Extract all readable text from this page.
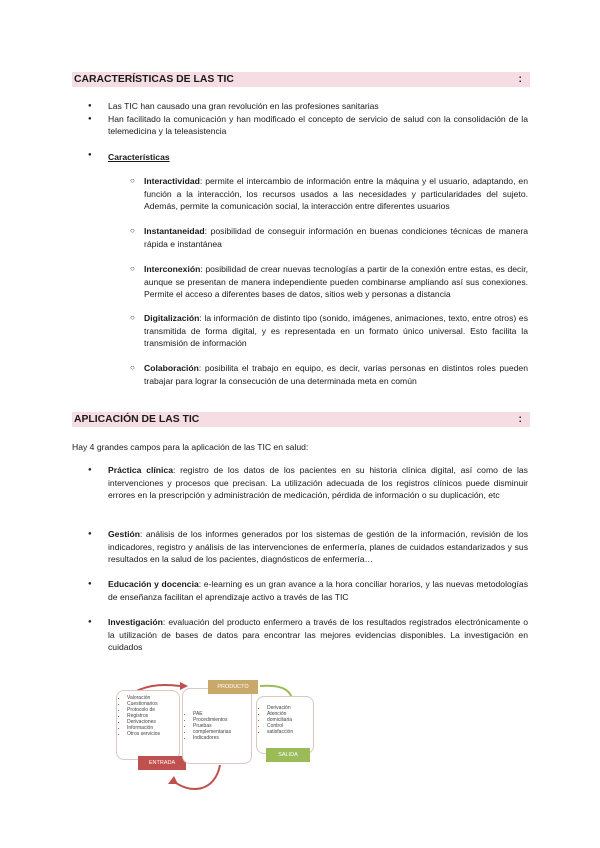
CARACTERÍSTICAS DE LAS TIC	:
● Las TIC han causado una gran revolución en las profesiones sanitarias
● Han facilitado la comunicación y han modificado el concepto de servicio de salud con la consolidación de la telemedicina y la teleasistencia
● Características
○ Interactividad: permite el intercambio de información entre la máquina y el usuario, adaptando, en función a la interacción, los recursos usados a las necesidades y particularidades del sujeto. Además, permite la comunicación social, la interacción entre diferentes usuarios
○ Instantaneidad: posibilidad de conseguir información en buenas condiciones técnicas de manera rápida e instantánea
○ Interconexión: posibilidad de crear nuevas tecnologías a partir de la conexión entre estas, es decir, aunque se presentan de manera independiente pueden combinarse ampliando así sus conexiones. Permite el acceso a diferentes bases de datos, sitios web y personas a distancia
○ Digitalización: la información de distinto tipo (sonido, imágenes, animaciones, texto, entre otros) es transmitida de forma digital, y es representada en un formato único universal. Esto facilita la transmisión de información
○ Colaboración: posibilita el trabajo en equipo, es decir, varias personas en distintos roles pueden trabajar para lograr la consecución de una determinada meta en común
APLICACIÓN DE LAS TIC	:
Hay 4 grandes campos para la aplicación de las TIC en salud:
● Práctica clínica: registro de los datos de los pacientes en su historia clínica digital, así como de las intervenciones y procesos que precisan. La utilización adecuada de los registros clínicos puede disminuir errores en la prescripción y administración de medicación, pérdida de información o su duplicación, etc
● Gestión: análisis de los informes generados por los sistemas de gestión de la información, revisión de los indicadores, registro y análisis de las intervenciones de enfermería, planes de cuidados estandarizados y sus resultados en la salud de los pacientes, diagnósticos de enfermería…
● Educación y docencia: e-learning es un gran avance a la hora conciliar horarios, y las nuevas metodologías de enseñanza facilitan el aprendizaje activo a través de las TIC
● Investigación: evaluación del producto enfermero a través de los resultados registrados electrónicamente o la utilización de bases de datos para encontrar las mejores evidencias disponibles. La investigación en cuidados
• Valoración
• Cuestionarios
• Protocolo de
• Registros
• Derivaciones
• Información
• Otros servicios
ENTRADA
• PAE
• Procedimientos
• Pruebas
• complementarias
• Indicadores
PRODUCTO
• Derivación
• Atención
• domiciliaria
• Control
• satisfacción
SALIDA
